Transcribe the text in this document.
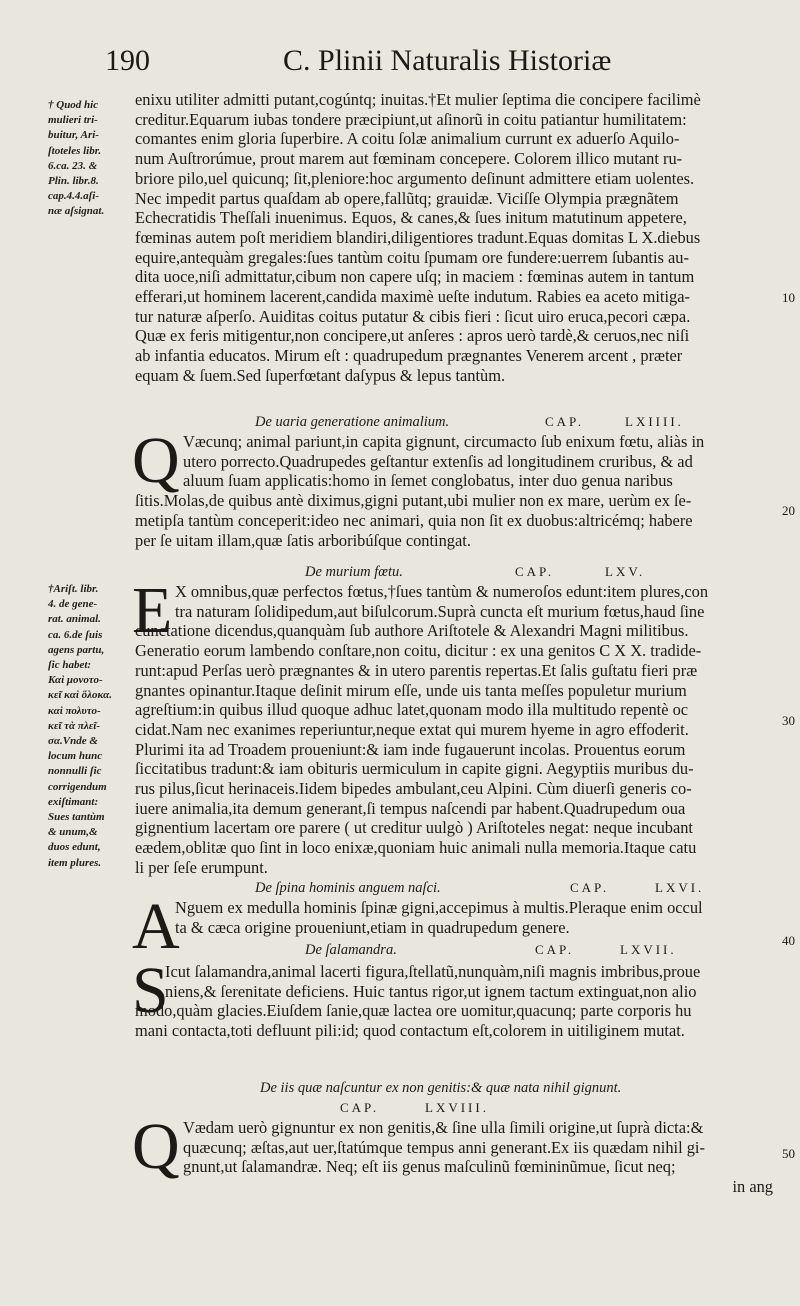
190	C. Plinii Naturalis Historiæ
† Quod hic
mulieri tri-
buitur, Ari-
ſtoteles libr.
6.ca. 23. &
Plin. libr.8.
cap.4.4.aſi-
næ aſsignat.
†Ariſt. libr.
4. de gene-
rat. animal.
ca. 6.de ſuis
agens partu,
ſic habet:
Καὶ μονοτο-
κεῖ καὶ ὅλοκα.
καὶ πολυτο-
κεῖ τὰ πλεῖ-
σα.Vnde &
locum hunc
nonnulli ſic
corrigendum
exiſtimant:
Sues tantùm
& unum,&
duos edunt,
item plures.
enixu utiliter admitti putant,cogúntq; inuitas.†Et mulier ſeptima die concipere facilimè
creditur.Equarum iubas tondere præcipiunt,ut aſinorũ in coitu patiantur humilitatem:
comantes enim gloria ſuperbire. A coitu ſolæ animalium currunt ex aduerſo Aquilo-
num Auſtrorúmue, prout marem aut fœminam concepere. Colorem illico mutant ru-
briore pilo,uel quicunq; ſit,pleniore:hoc argumento deſinunt admittere etiam uolentes.
Nec impedit partus quaſdam ab opere,fallũtq; grauidæ. Viciſſe Olympia prægnãtem
Echecratidis Theſſali inuenimus. Equos, & canes,& ſues initum matutinum appetere,
fœminas autem poſt meridiem blandiri,diligentiores tradunt.Equas domitas L X.diebus
equire,antequàm gregales:ſues tantùm coitu ſpumam ore fundere:uerrem ſubantis au-
dita uoce,niſi admittatur,cibum non capere uſq; in maciem : fœminas autem in tantum
efferari,ut hominem lacerent,candida maximè ueſte indutum. Rabies ea aceto mitiga-
tur naturæ aſperſo. Auiditas coitus putatur & cibis fieri : ſicut uiro eruca,pecori cæpa.
Quæ ex feris mitigentur,non concipere,ut anſeres : apros uerò tardè,& ceruos,nec niſi
ab infantia educatos. Mirum eſt : quadrupedum prægnantes Venerem arcent , præter
equam & ſuem.Sed ſuperfœtant daſypus & lepus tantùm.
De uaria generatione animalium.	CAP.	LXIIII.
Q Væcunq; animal pariunt,in capita gignunt, circumacto ſub enixum fœtu, aliàs in
utero porrecto.Quadrupedes geſtantur extenſis ad longitudinem cruribus, & ad
aluum ſuam applicatis:homo in ſemet conglobatus, inter duo genua naribus
ſitis.Molas,de quibus antè diximus,gigni putant,ubi mulier non ex mare, uerùm ex ſe-
metipſa tantùm conceperit:ideo nec animari, quia non ſit ex duobus:altricémq; habere
per ſe uitam illam,quæ ſatis arboribúſque contingat.
De murium fœtu.	CAP.	LXV.
E X omnibus,quæ perfectos fœtus,†ſues tantùm & numeroſos edunt:item plures,con
tra naturam ſolidipedum,aut biſulcorum.Suprà cuncta eſt murium fœtus,haud ſine
cunctatione dicendus,quanquàm ſub authore Ariſtotele & Alexandri Magni militibus.
Generatio eorum lambendo conſtare,non coitu, dicitur : ex una genitos C X X. tradide-
runt:apud Perſas uerò prægnantes & in utero parentis repertas.Et ſalis guſtatu fieri præ
gnantes opinantur.Itaque deſinit mirum eſſe, unde uis tanta meſſes populetur murium
agreſtium:in quibus illud quoque adhuc latet,quonam modo illa multitudo repentè oc
cidat.Nam nec exanimes reperiuntur,neque extat qui murem hyeme in agro effoderit.
Plurimi ita ad Troadem proueniunt:& iam inde fugauerunt incolas. Prouentus eorum
ſiccitatibus tradunt:& iam obituris uermiculum in capite gigni. Aegyptiis muribus du-
rus pilus,ſicut herinaceis.Iidem bipedes ambulant,ceu Alpini. Cùm diuerſi generis co-
iuere animalia,ita demum generant,ſi tempus naſcendi par habent.Quadrupedum oua
gignentium lacertam ore parere ( ut creditur uulgò ) Ariſtoteles negat: neque incubant
eædem,oblitæ quo ſint in loco enixæ,quoniam huic animali nulla memoria.Itaque catu
li per ſeſe erumpunt.
De ſpina hominis anguem naſci.	CAP.	LXVI.
A
Nguem ex medulla hominis ſpinæ gigni,accepimus à multis.Pleraque enim occul
ta & cæca origine proueniunt,etiam in quadrupedum genere.
De ſalamandra.	CAP.	LXVII.
S
Icut ſalamandra,animal lacerti figura,ſtellatũ,nunquàm,niſi magnis imbribus,proue
niens,& ſerenitate deficiens. Huic tantus rigor,ut ignem tactum extinguat,non alio
modo,quàm glacies.Eiuſdem ſanie,quæ lactea ore uomitur,quacunq; parte corporis hu
mani contacta,toti defluunt pili:id; quod contactum eſt,colorem in uitiliginem mutat.
De iis quæ naſcuntur ex non genitis:& quæ nata nihil gignunt.
CAP.	LXVIII.
Q Vædam uerò gignuntur ex non genitis,& ſine ulla ſimili origine,ut ſuprà dicta:&
quæcunq; æſtas,aut uer,ſtatúmque tempus anni generant.Ex iis quædam nihil gi-
gnunt,ut ſalamandræ. Neq; eſt iis genus maſculinũ fœmininũmue, ſicut neq;
in ang
10
20
30
40
50
